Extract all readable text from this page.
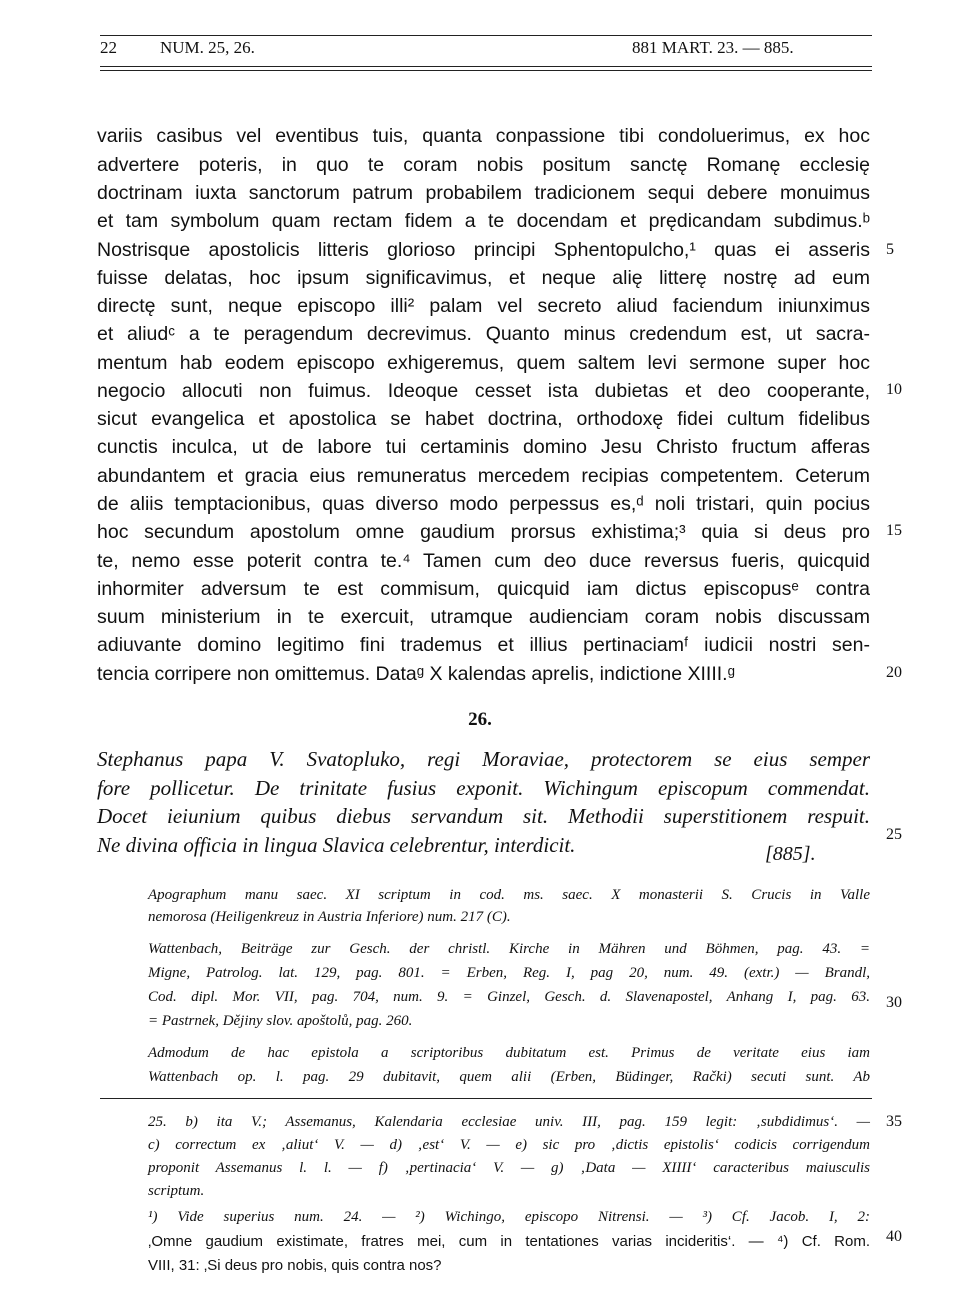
22	NUM. 25, 26.	881 MART. 23. — 885.
variis casibus vel eventibus tuis, quanta conpassione tibi condoluerimus, ex hoc
advertere poteris, in quo te coram nobis positum sanctę Romanę ecclesię
doctrinam iuxta sanctorum patrum probabilem tradicionem sequi debere monuimus
et tam symbolum quam rectam fidem a te docendam et prędicandam subdimus.ᵇ
Nostrisque apostolicis litteris glorioso principi Sphentopulcho,¹ quas ei asseris
fuisse delatas, hoc ipsum significavimus, et neque alię litterę nostrę ad eum
directę sunt, neque episcopo illi² palam vel secreto aliud faciendum iniunximus
et aliudᶜ a te peragendum decrevimus. Quanto minus credendum est, ut sacra-
mentum hab eodem episcopo exhigeremus, quem saltem levi sermone super hoc
negocio allocuti non fuimus. Ideoque cesset ista dubietas et deo cooperante,
sicut evangelica et apostolica se habet doctrina, orthodoxę fidei cultum fidelibus
cunctis inculca, ut de labore tui certaminis domino Jesu Christo fructum afferas
abundantem et gracia eius remuneratus mercedem recipias competentem. Ceterum
de aliis temptacionibus, quas diverso modo perpessus es,ᵈ noli tristari, quin pocius
hoc secundum apostolum omne gaudium prorsus exhistima;³ quia si deus pro
te, nemo esse poterit contra te.⁴ Tamen cum deo duce reversus fueris, quicquid
inhormiter adversum te est commisum, quicquid iam dictus episcopusᵉ contra
suum ministerium in te exercuit, utramque audienciam coram nobis discussam
adiuvante domino legitimo fini trademus et illius pertinaciamᶠ iudicii nostri sen-
tencia corripere non omittemus. Dataᵍ X kalendas aprelis, indictione XIIII.ᵍ
5
10
15
20
25
30
35
40
26.
Stephanus papa V. Svatopluko, regi Moraviae, protectorem se eius semper
fore pollicetur. De trinitate fusius exponit. Wichingum episcopum commendat.
Docet ieiunium quibus diebus servandum sit. Methodii superstitionem respuit.
Ne divina officia in lingua Slavica celebrentur, interdicit.	[885].
Apographum manu saec. XI scriptum in cod. ms. saec. X monasterii S. Crucis in Valle
nemorosa (Heiligenkreuz in Austria Inferiore) num. 217 (C).
Wattenbach, Beiträge zur Gesch. der christl. Kirche in Mähren und Böhmen, pag. 43. =
Migne, Patrolog. lat. 129, pag. 801. = Erben, Reg. I, pag 20, num. 49. (extr.) — Brandl,
Cod. dipl. Mor. VII, pag. 704, num. 9. = Ginzel, Gesch. d. Slavenapostel, Anhang I, pag. 63.
= Pastrnek, Dějiny slov. apoštolů, pag. 260.
Admodum de hac epistola a scriptoribus dubitatum est. Primus de veritate eius iam
Wattenbach op. l. pag. 29 dubitavit, quem alii (Erben, Büdinger, Rački) secuti sunt. Ab
25. b) ita V.; Assemanus, Kalendaria ecclesiae univ. III, pag. 159 legit: ‚subdidimus‘. —
c) correctum ex ‚aliut‘ V. — d) ‚est‘ V. — e) sic pro ‚dictis epistolis‘ codicis corrigendum
proponit Assemanus l. l. — f) ‚pertinacia‘ V. — g) ‚Data — XIIII‘ caracteribus maiusculis
scriptum.
¹) Vide superius num. 24. — ²) Wichingo, episcopo Nitrensi. — ³) Cf. Jacob. I, 2:
‚Omne gaudium existimate, fratres mei, cum in tentationes varias incideritis‘. — ⁴) Cf. Rom.
VIII, 31: ‚Si deus pro nobis, quis contra nos?
